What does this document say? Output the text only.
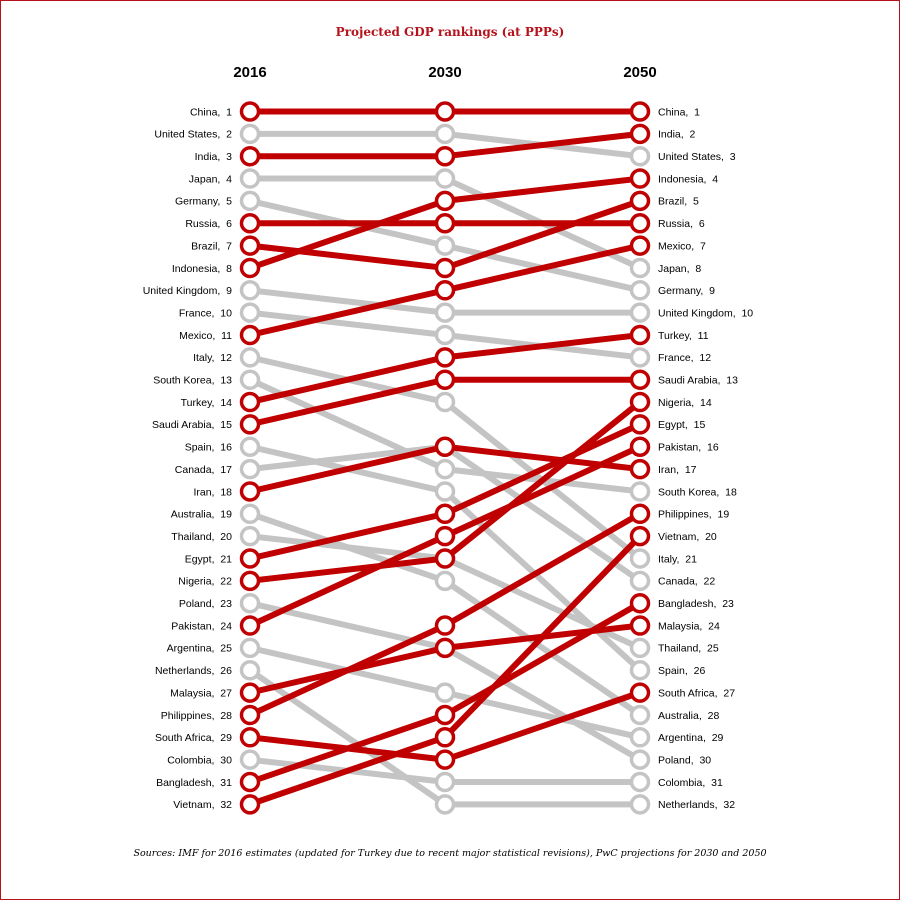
Projected GDP rankings (at PPPs)
2016	2030	2050
China,  1	China,  1
United States,  2
United States,  3
India,  3
India,  2
Japan,  4
Japan,  8
Germany,  5
Germany,  9
Russia,  6	Russia,  6
Brazil,  7
Brazil,  5
Indonesia,  8
Indonesia,  4
United Kingdom,  9
United Kingdom,  10
France,  10
France,  12
Mexico,  11
Mexico,  7
Italy,  12
Italy,  21
South Korea,  13
South Korea,  18
Turkey,  14
Turkey,  11
Saudi Arabia,  15
Saudi Arabia,  13
Spain,  16
Spain,  26
Canada,  17
Canada,  22
Iran,  18
Iran,  17
Australia,  19
Australia,  28
Thailand,  20
Thailand,  25
Egypt,  21
Egypt,  15
Nigeria,  22
Nigeria,  14
Poland,  23
Poland,  30
Pakistan,  24
Pakistan,  16
Argentina,  25
Argentina,  29
Netherlands,  26
Netherlands,  32
Malaysia,  27
Malaysia,  24
Philippines,  28
Philippines,  19
South Africa,  29
South Africa,  27
Colombia,  30
Colombia,  31
Bangladesh,  31
Bangladesh,  23
Vietnam,  32
Vietnam,  20
Sources: IMF for 2016 estimates (updated for Turkey due to recent major statistical revisions), PwC projections for 2030 and 2050
